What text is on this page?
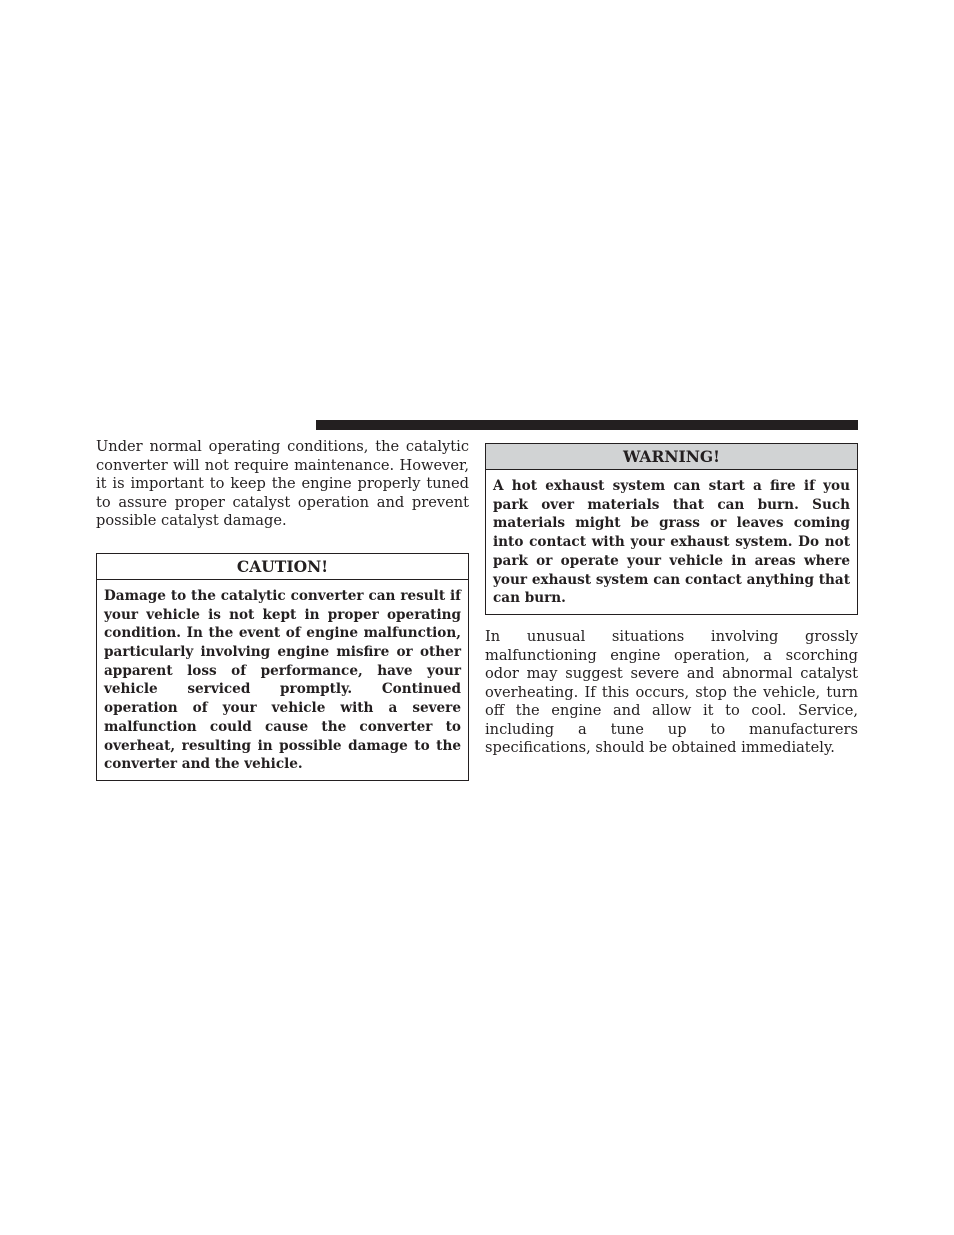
Under normal operating conditions, the catalytic converter will not require maintenance. However, it is important to keep the engine properly tuned to assure proper catalyst operation and prevent possible catalyst damage.

CAUTION!

Damage to the catalytic converter can result if your vehicle is not kept in proper operating condition. In the event of engine malfunction, particularly involving engine misfire or other apparent loss of performance, have your vehicle serviced promptly. Continued operation of your vehicle with a severe malfunction could cause the converter to overheat, resulting in possible damage to the converter and the vehicle.

WARNING!

A hot exhaust system can start a fire if you park over materials that can burn. Such materials might be grass or leaves coming into contact with your exhaust system. Do not park or operate your vehicle in areas where your exhaust system can contact anything that can burn.

In unusual situations involving grossly malfunctioning engine operation, a scorching odor may suggest severe and abnormal catalyst overheating. If this occurs, stop the vehicle, turn off the engine and allow it to cool. Service, including a tune up to manufacturers specifications, should be obtained immediately.
